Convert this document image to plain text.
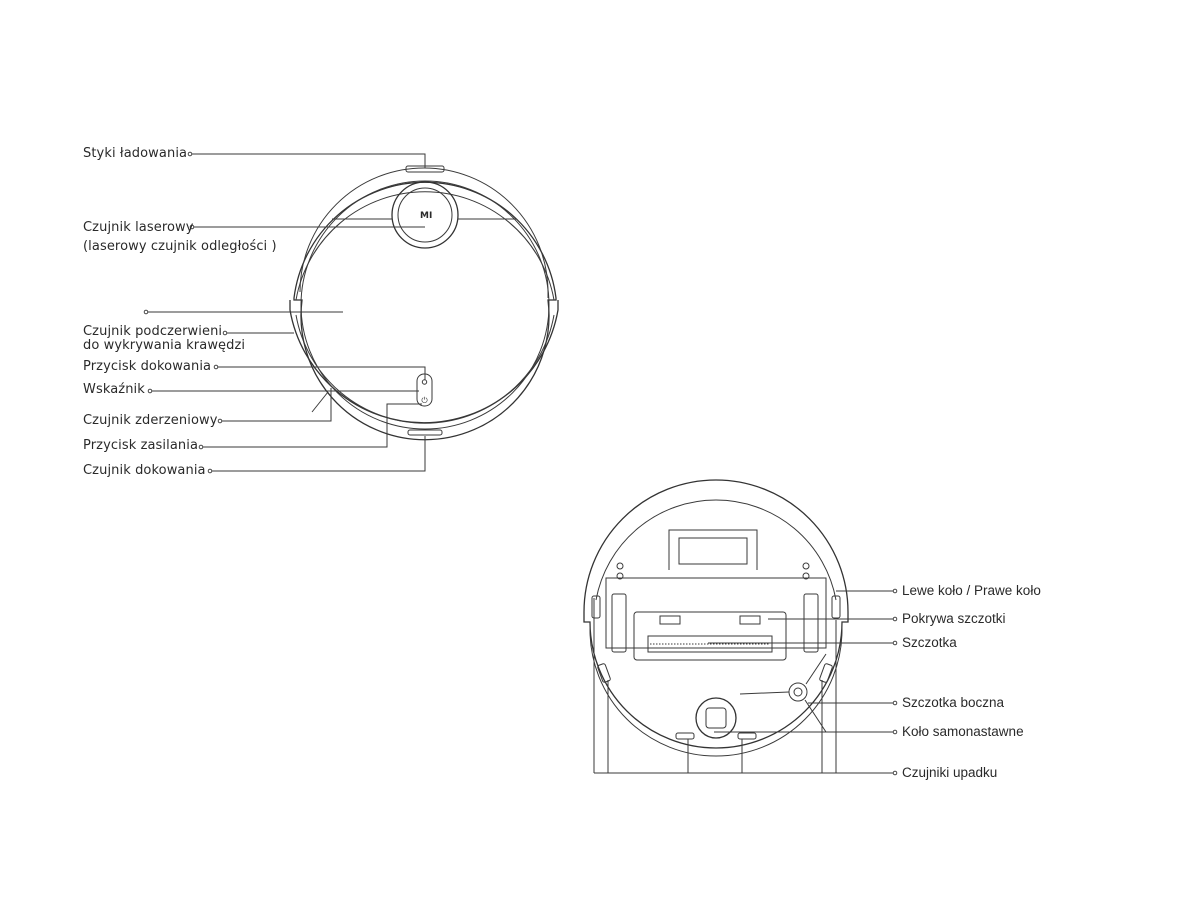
⏻
MI
Styki ładowania
Czujnik laserowy
(laserowy czujnik odległości )
Czujnik podczerwieni
do wykrywania krawędzi
Przycisk dokowania
Wskaźnik
Czujnik zderzeniowy
Przycisk zasilania
Czujnik dokowania
Lewe koło / Prawe koło
Pokrywa szczotki
Szczotka
Szczotka boczna
Koło samonastawne
Czujniki upadku
